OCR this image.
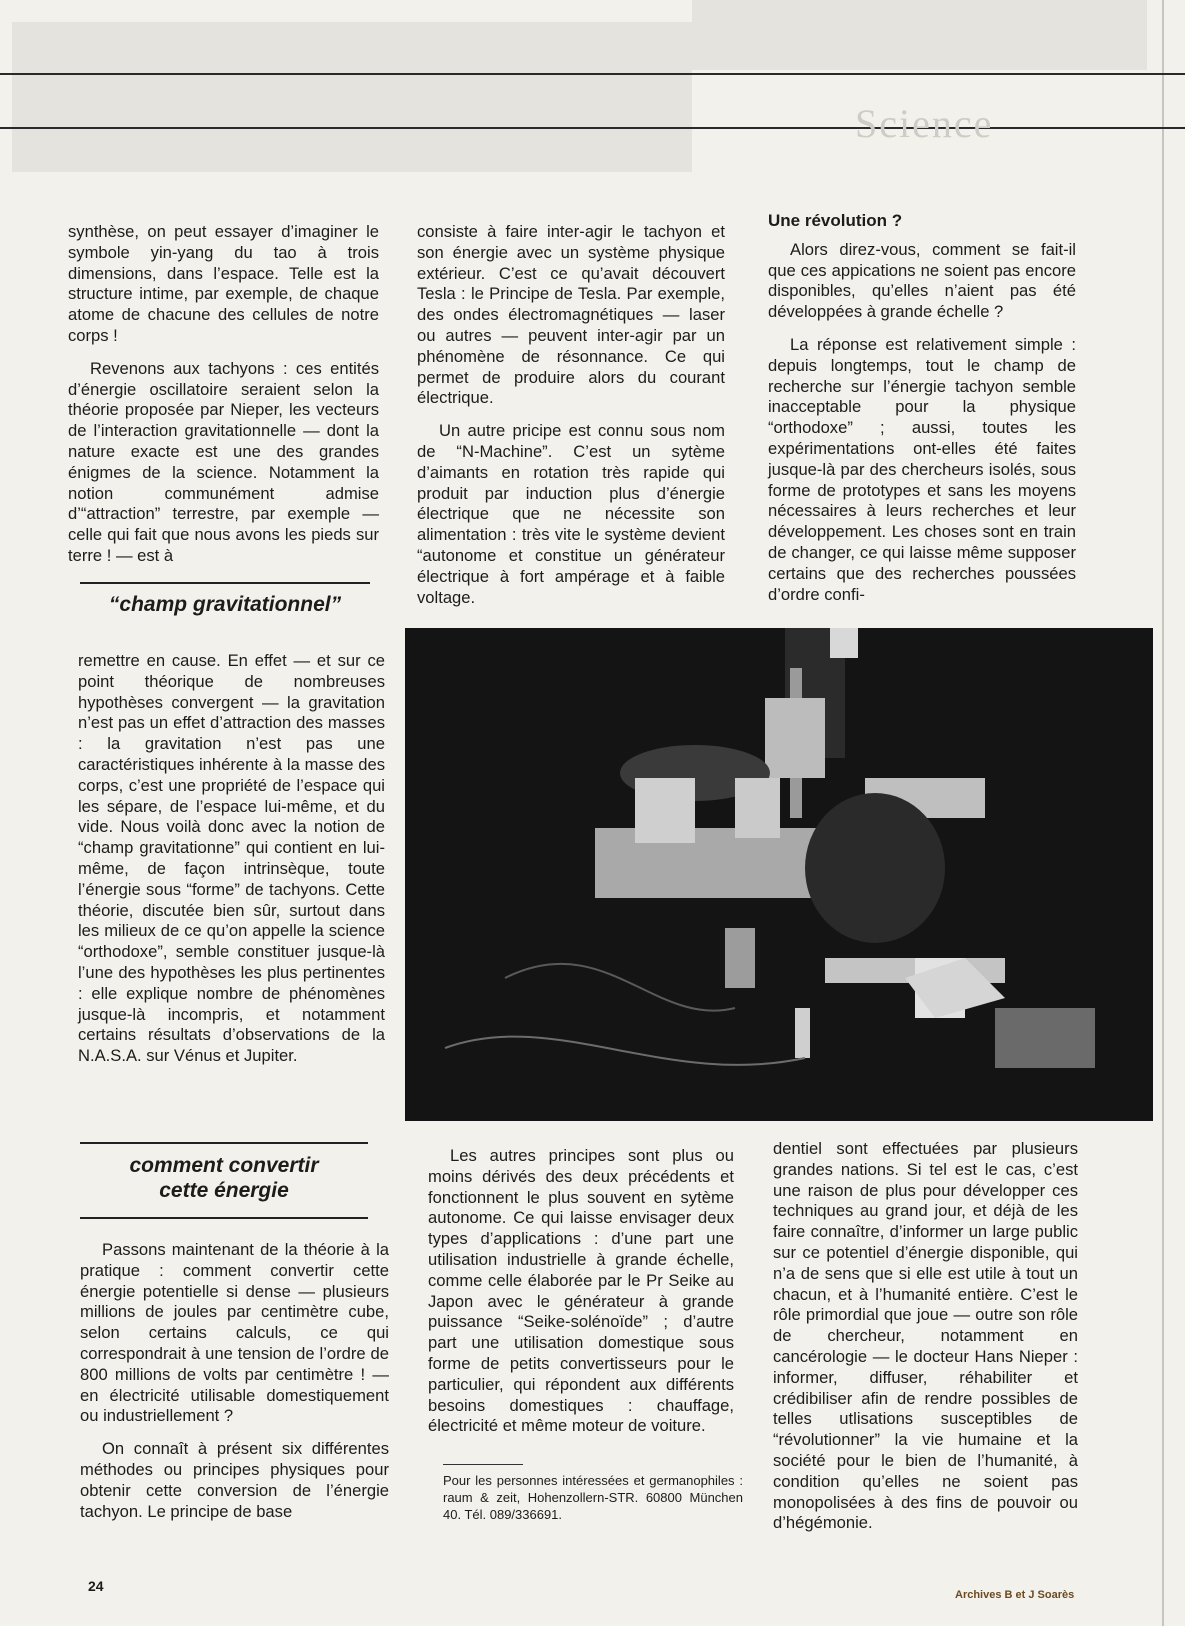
Science

synthèse, on peut essayer d’imaginer le symbole yin-yang du tao à trois dimensions, dans l’espace. Telle est la structure intime, par exemple, de chaque atome de chacune des cellules de notre corps !

Revenons aux tachyons : ces entités d’énergie oscillatoire seraient selon la théorie proposée par Nieper, les vecteurs de l’interaction gravitationnelle — dont la nature exacte est une des grandes énigmes de la science. Notamment la notion communément admise d’“attraction” terrestre, par exemple — celle qui fait que nous avons les pieds sur terre ! — est à

“champ gravitationnel”

remettre en cause. En effet — et sur ce point théorique de nombreuses hypothèses convergent — la gravitation n’est pas un effet d’attraction des masses : la gravitation n’est pas une caractéristiques inhérente à la masse des corps, c’est une propriété de l’espace qui les sépare, de l’espace lui-même, et du vide. Nous voilà donc avec la notion de “champ gravitationne” qui contient en lui-même, de façon intrinsèque, toute l’énergie sous “forme” de tachyons. Cette théorie, discutée bien sûr, surtout dans les milieux de ce qu’on appelle la science “orthodoxe”, semble constituer jusque-là l’une des hypothèses les plus pertinentes : elle explique nombre de phénomènes jusque-là incompris, et notamment certains résultats d’observations de la N.A.S.A. sur Vénus et Jupiter.

comment convertir
cette énergie

Passons maintenant de la théorie à la pratique : comment convertir cette énergie potentielle si dense — plusieurs millions de joules par centimètre cube, selon certains calculs, ce qui correspondrait à une tension de l’ordre de 800 millions de volts par centimètre ! — en électricité utilisable domestiquement ou industriellement ?

On connaît à présent six différentes méthodes ou principes physiques pour obtenir cette conversion de l’énergie tachyon. Le principe de base

consiste à faire inter-agir le tachyon et son énergie avec un système physique extérieur. C’est ce qu’avait découvert Tesla : le Principe de Tesla. Par exemple, des ondes électromagnétiques — laser ou autres — peuvent inter-agir par un phénomène de résonnance. Ce qui permet de produire alors du courant électrique.

Un autre pricipe est connu sous nom de “N-Machine”. C’est un sytème d’aimants en rotation très rapide qui produit par induction plus d’énergie électrique que ne nécessite son alimentation : très vite le système devient “autonome et constitue un générateur électrique à fort ampérage et à faible voltage.

Une révolution ?

Alors direz-vous, comment se fait-il que ces appications ne soient pas encore disponibles, qu’elles n’aient pas été développées à grande échelle ?

La réponse est relativement simple : depuis longtemps, tout le champ de recherche sur l’énergie tachyon semble inacceptable pour la physique “orthodoxe” ; aussi, toutes les expérimentations ont-elles été faites jusque-là par des chercheurs isolés, sous forme de prototypes et sans les moyens nécessaires à leurs recherches et leur développement. Les choses sont en train de changer, ce qui laisse même supposer certains que des recherches poussées d’ordre confi-

Les autres principes sont plus ou moins dérivés des deux précédents et fonctionnent le plus souvent en sytème autonome. Ce qui laisse envisager deux types d’applications : d’une part une utilisation industrielle à grande échelle, comme celle élaborée par le Pr Seike au Japon avec le générateur à grande puissance “Seike-solénoïde” ; d’autre part une utilisation domestique sous forme de petits convertisseurs pour le particulier, qui répondent aux différents besoins domestiques : chauffage, électricité et même moteur de voiture.

Pour les personnes intéressées et germanophiles : raum & zeit, Hohenzollern-STR. 60800 München 40. Tél. 089/336691.

dentiel sont effectuées par plusieurs grandes nations. Si tel est le cas, c’est une raison de plus pour développer ces techniques au grand jour, et déjà de les faire connaître, d’informer un large public sur ce potentiel d’énergie disponible, qui n’a de sens que si elle est utile à tout un chacun, et à l’humanité entière. C’est le rôle primordial que joue — outre son rôle de chercheur, notamment en cancérologie — le docteur Hans Nieper : informer, diffuser, réhabiliter et crédibiliser afin de rendre possibles de telles utlisations susceptibles de “révolutionner” la vie humaine et la société pour le bien de l’humanité, à condition qu’elles ne soient pas monopolisées à des fins de pouvoir ou d’hégémonie.

24
Archives B et J Soarès
